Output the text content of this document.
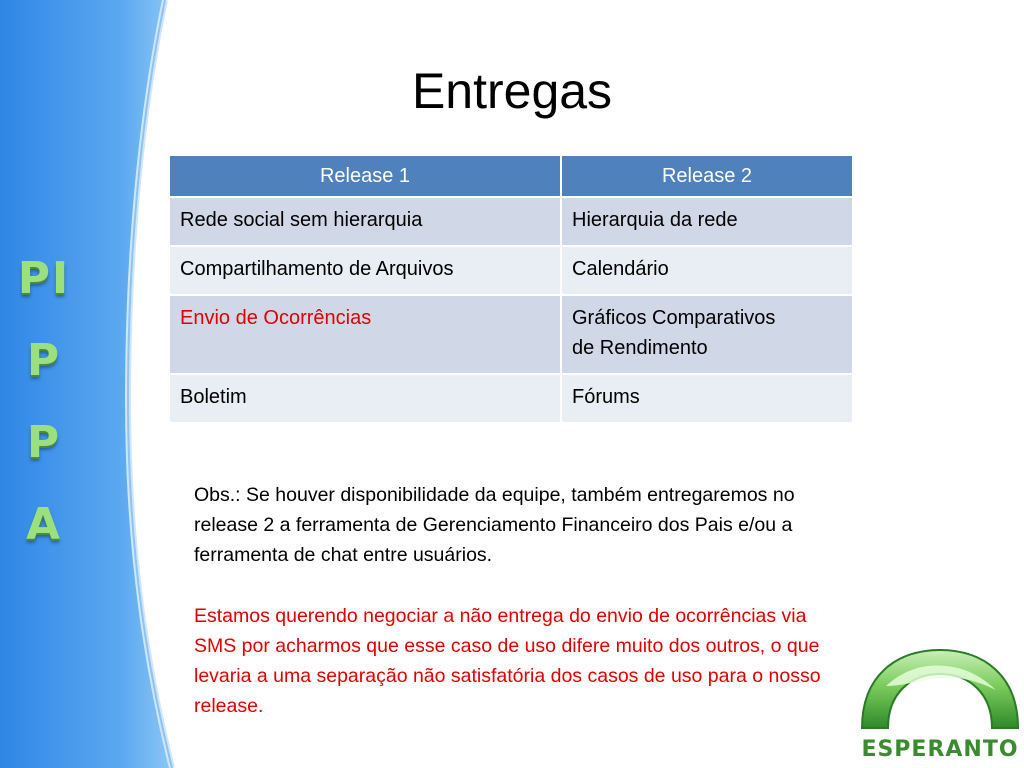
PI
P
P
A
Entregas
Release 1	Release 2
Rede social sem hierarquia	Hierarquia da rede
Compartilhamento de Arquivos	Calendário
Envio de Ocorrências	Gráficos Comparativos de Rendimento
Boletim	Fórums

Obs.: Se houver disponibilidade da equipe, também entregaremos no release 2 a ferramenta de Gerenciamento Financeiro dos Pais e/ou a ferramenta de chat entre usuários.

Estamos querendo negociar a não entrega do envio de ocorrências via SMS por acharmos que esse caso de uso difere muito dos outros, o que levaria a uma separação não satisfatória dos casos de uso para o nosso release.

ESPERANTO
